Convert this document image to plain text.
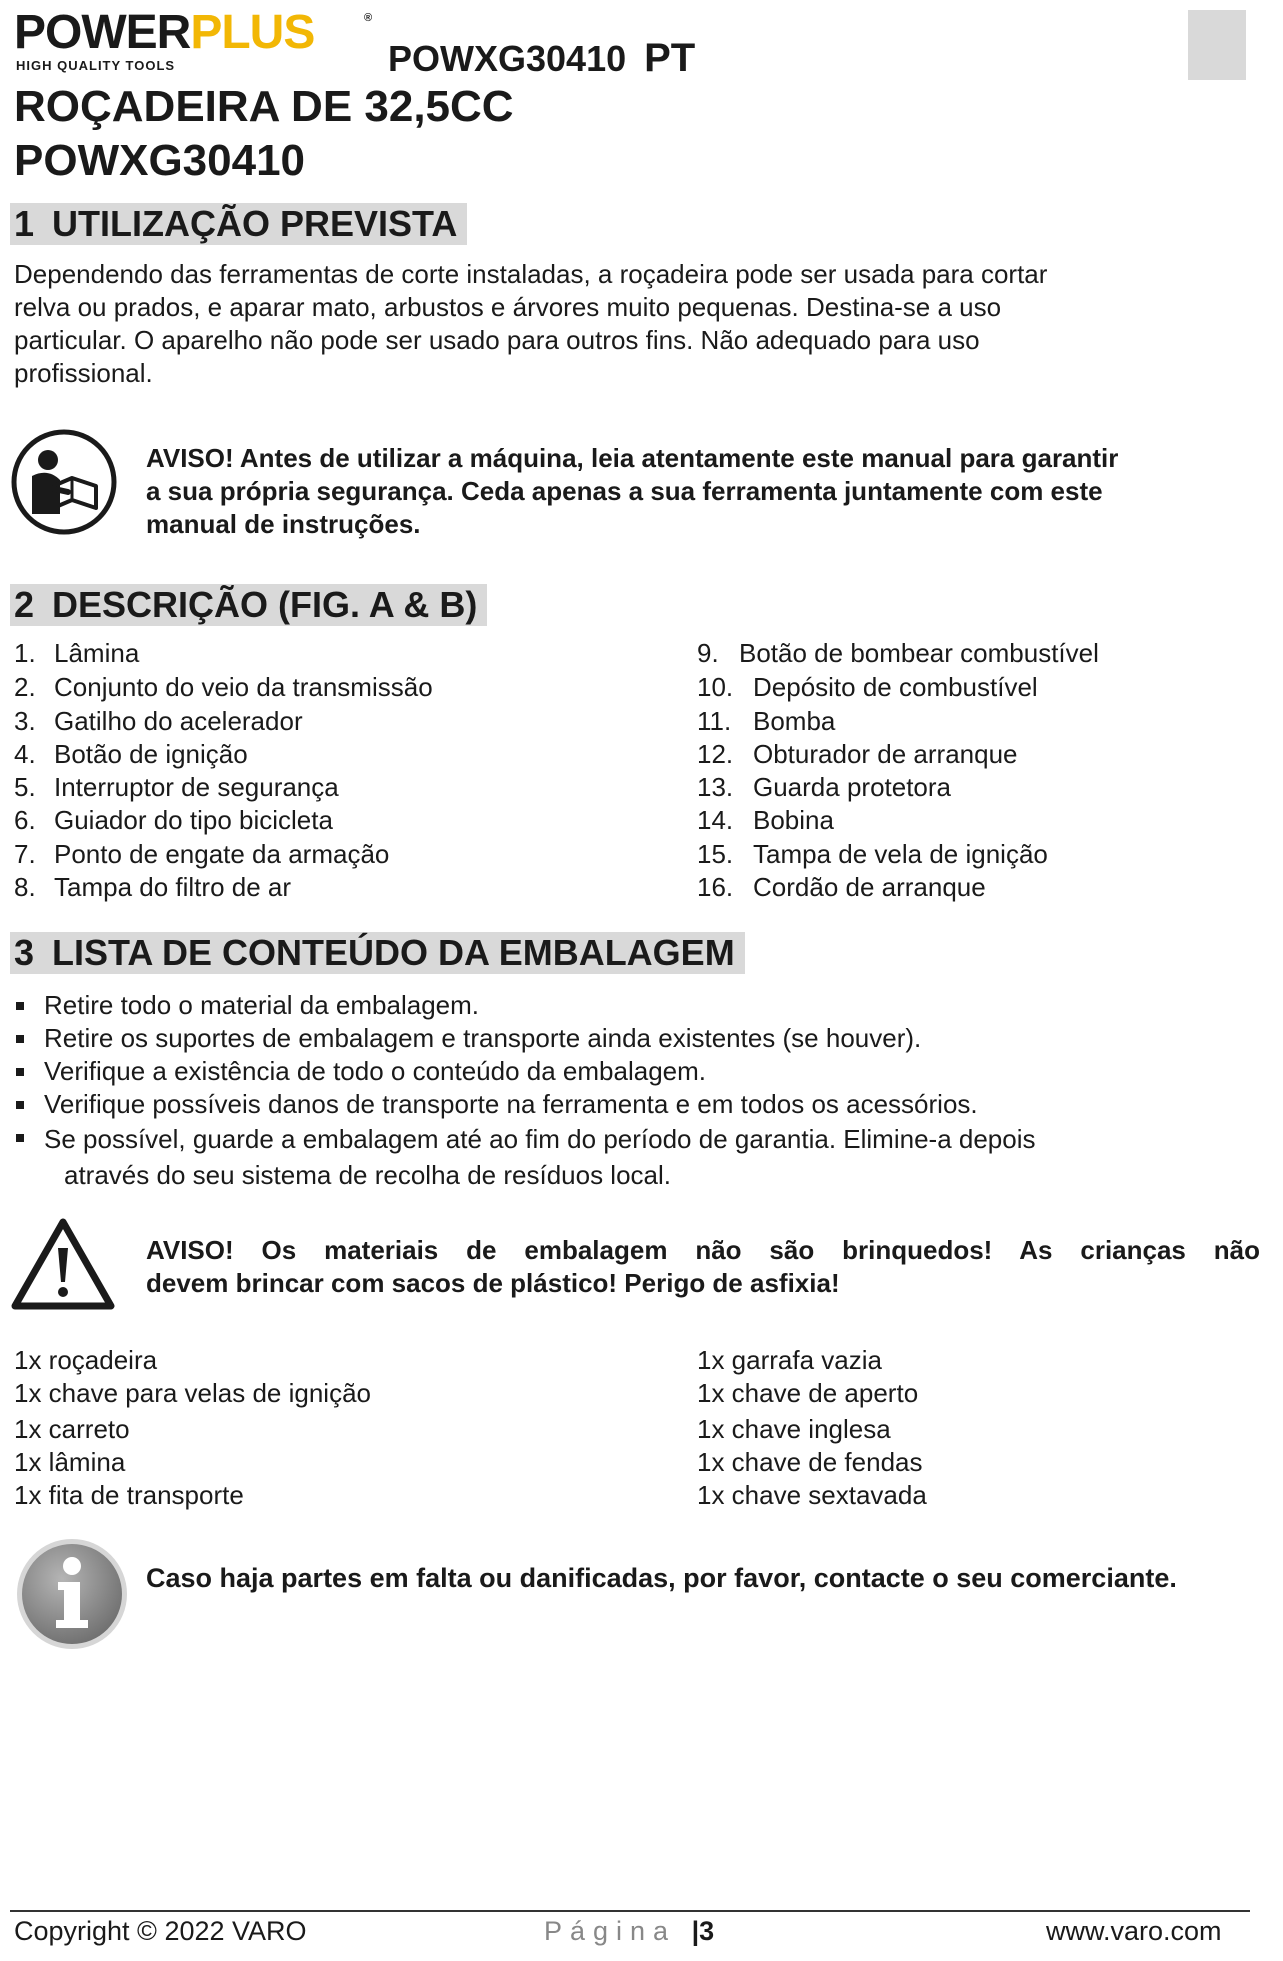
POWERPLUS	®
HIGH QUALITY TOOLS	POWXG30410 PT
ROÇADEIRA DE 32,5CC
POWXG30410
1 UTILIZAÇÃO PREVISTA

Dependendo das ferramentas de corte instaladas, a roçadeira pode ser usada para cortar
relva ou prados, e aparar mato, arbustos e árvores muito pequenas. Destina-se a uso
particular. O aparelho não pode ser usado para outros fins. Não adequado para uso
profissional.

AVISO! Antes de utilizar a máquina, leia atentamente este manual para garantir
a sua própria segurança. Ceda apenas a sua ferramenta juntamente com este
manual de instruções.

2 DESCRIÇÃO (FIG. A & B)
1. Lâmina
2. Conjunto do veio da transmissão
3. Gatilho do acelerador
4. Botão de ignição
5. Interruptor de segurança
6. Guiador do tipo bicicleta
7. Ponto de engate da armação
8. Tampa do filtro de ar
9. Botão de bombear combustível
10. Depósito de combustível
11. Bomba
12. Obturador de arranque
13. Guarda protetora
14. Bobina
15. Tampa de vela de ignição
16. Cordão de arranque
3 LISTA DE CONTEÚDO DA EMBALAGEM
Retire todo o material da embalagem.
Retire os suportes de embalagem e transporte ainda existentes (se houver).
Verifique a existência de todo o conteúdo da embalagem.
Verifique possíveis danos de transporte na ferramenta e em todos os acessórios.
Se possível, guarde a embalagem até ao fim do período de garantia. Elimine-a depois
através do seu sistema de recolha de resíduos local.

AVISO! Os materiais de embalagem não são brinquedos! As crianças não
devem brincar com sacos de plástico! Perigo de asfixia!

1x roçadeira
1x chave para velas de ignição
1x carreto
1x lâmina
1x fita de transporte
1x garrafa vazia
1x chave de aperto
1x chave inglesa
1x chave de fendas
1x chave sextavada

Caso haja partes em falta ou danificadas, por favor, contacte o seu comerciante.

Copyright © 2022 VARO	Página |3	www.varo.com
